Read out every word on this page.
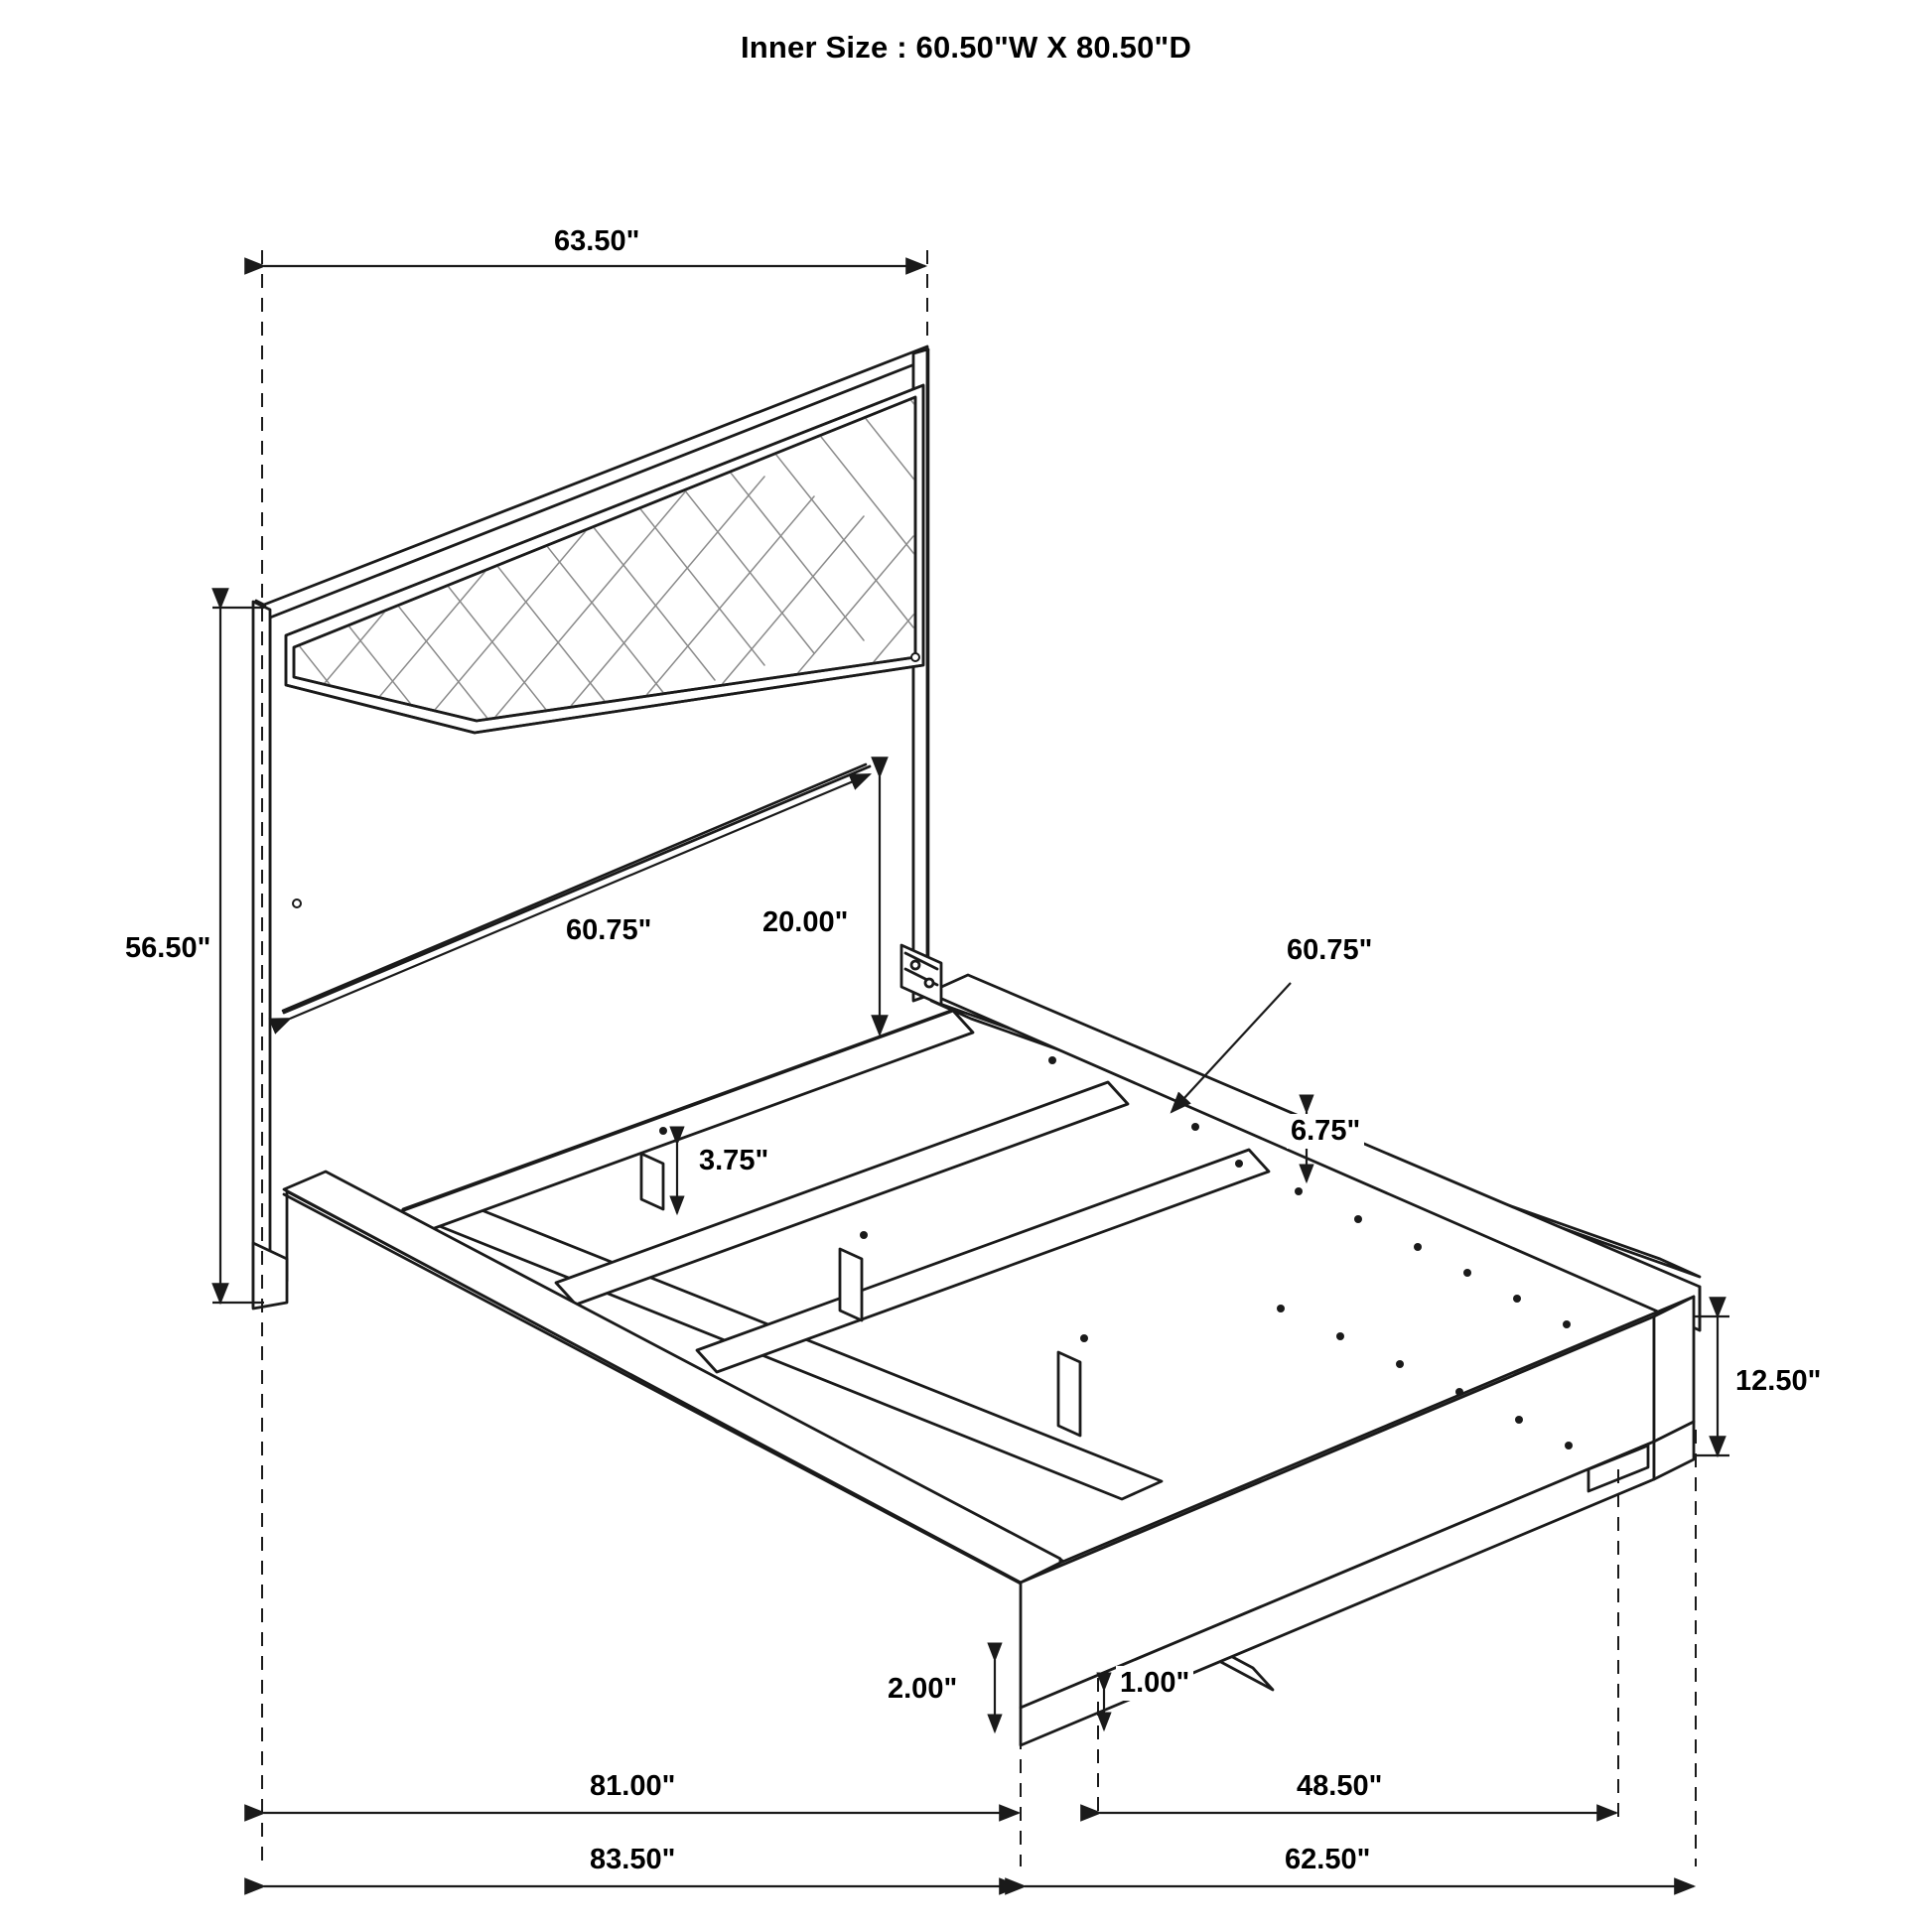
Inner Size : 60.50"W X 80.50"D
63.50"
56.50"
60.75"	20.00"
60.75"
6.75"
3.75"
12.50"
2.00"	1.00"
81.00"	48.50"
83.50"	62.50"
